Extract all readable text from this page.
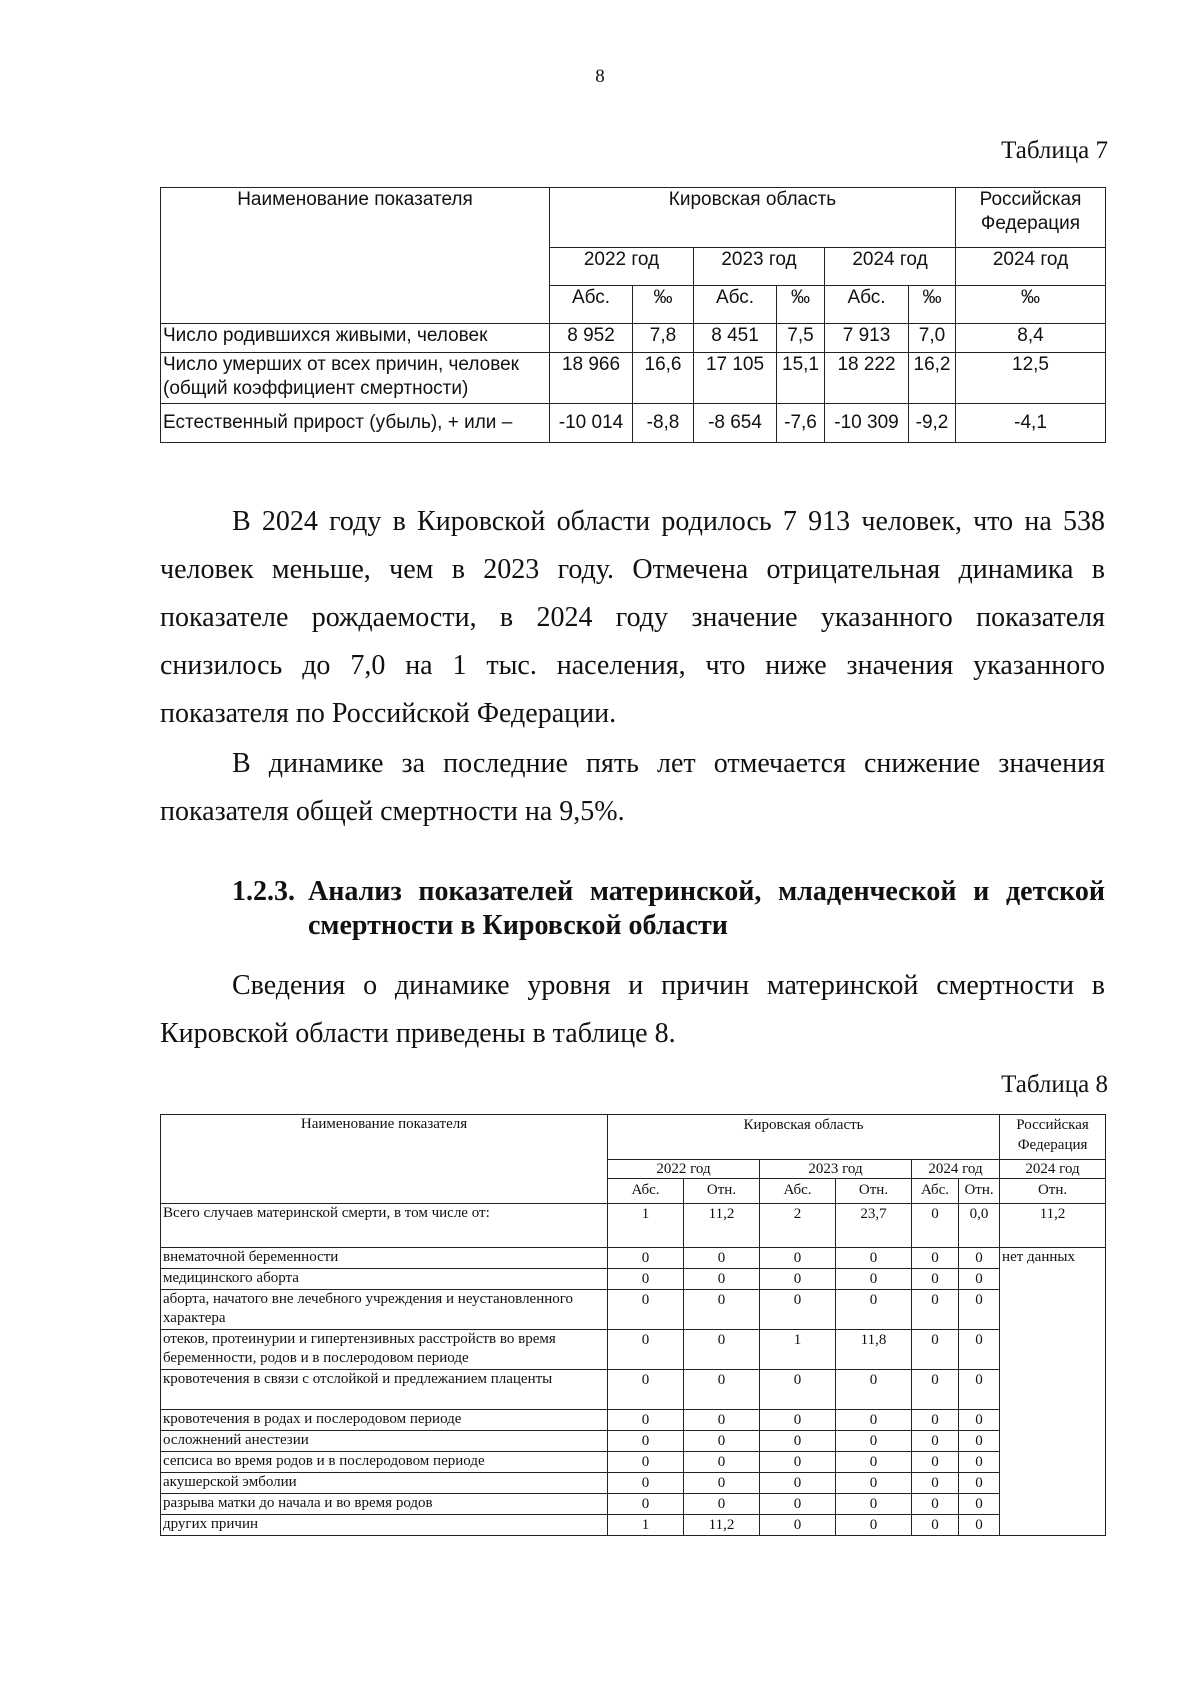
8
Таблица 7
Наименование показателя	Кировская область						Российская Федерация
	2022 год		2023 год		2024 год		2024 год
	Абс.	‰	Абс.	‰	Абс.	‰	‰
Число родившихся живыми, человек	8 952	7,8	8 451	7,5	7 913	7,0	8,4
Число умерших от всех причин, человек (общий коэффициент смертности)	18 966	16,6	17 105	15,1	18 222	16,2	12,5
Естественный прирост (убыль), + или –	-10 014	-8,8	-8 654	-7,6	-10 309	-9,2	-4,1

В 2024 году в Кировской области родилось 7 913 человек, что на 538 человек меньше, чем в 2023 году. Отмечена отрицательная динамика в показателе рождаемости, в 2024 году значение указанного показателя снизилось до 7,0 на 1 тыс. населения, что ниже значения указанного показателя по Российской Федерации.

В динамике за последние пять лет отмечается снижение значения показателя общей смертности на 9,5%.

1.2.3. Анализ показателей материнской, младенческой и детской смертности в Кировской области

Сведения о динамике уровня и причин материнской смертности в Кировской области приведены в таблице 8.

Таблица 8
Наименование показателя	Кировская область						Российская Федерация
	2022 год		2023 год		2024 год		2024 год
	Абс.	Отн.	Абс.	Отн.	Абс.	Отн.	Отн.
Всего случаев материнской смерти, в том числе от:	1	11,2	2	23,7	0	0,0	11,2
внематочной беременности	0	0	0	0	0	0	нет данных
медицинского аборта	0	0	0	0	0	0	
аборта, начатого вне лечебного учреждения и неустановленного характера	0	0	0	0	0	0	
отеков, протеинурии и гипертензивных расстройств во время беременности, родов и в послеродовом периоде	0	0	1	11,8	0	0	
кровотечения в связи с отслойкой и предлежанием плаценты	0	0	0	0	0	0	
кровотечения в родах и послеродовом периоде	0	0	0	0	0	0	
осложнений анестезии	0	0	0	0	0	0	
сепсиса во время родов и в послеродовом периоде	0	0	0	0	0	0	
акушерской эмболии	0	0	0	0	0	0	
разрыва матки до начала и во время родов	0	0	0	0	0	0	
других причин	1	11,2	0	0	0	0	
